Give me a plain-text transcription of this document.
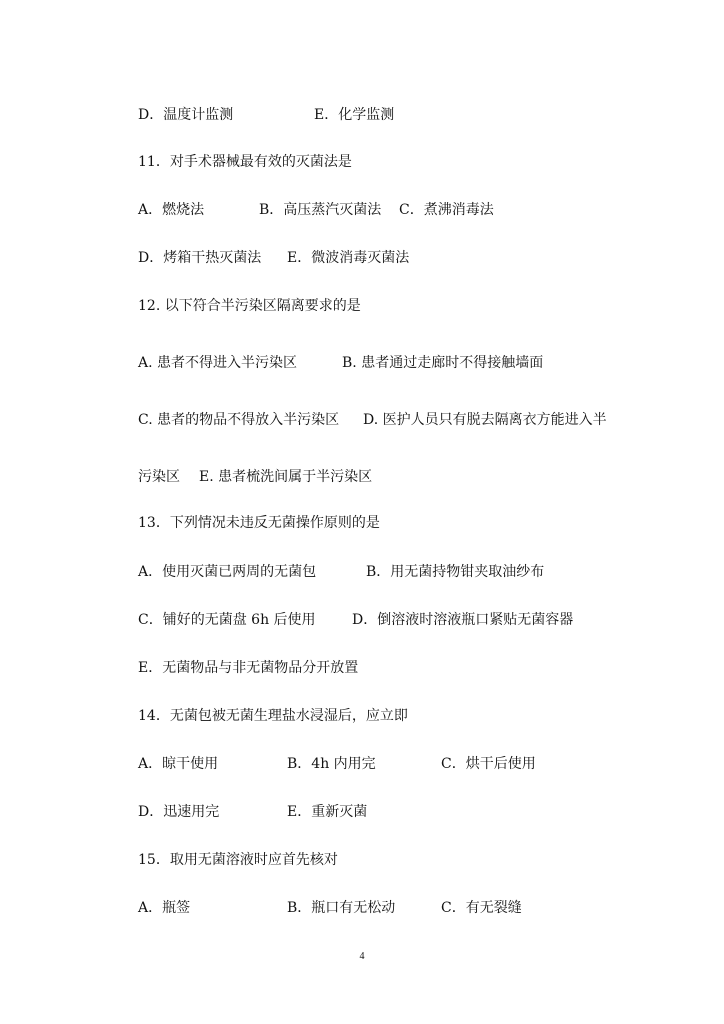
D．温度计监测	E．化学监测
11．对手术器械最有效的灭菌法是
A．燃烧法	B．高压蒸汽灭菌法 C．煮沸消毒法
D．烤箱干热灭菌法 E．微波消毒灭菌法
12. 以下符合半污染区隔离要求的是
A. 患者不得进入半污染区	B. 患者通过走廊时不得接触墙面
C. 患者的物品不得放入半污染区 D. 医护人员只有脱去隔离衣方能进入半
污染区 E. 患者梳洗间属于半污染区
13．下列情况未违反无菌操作原则的是
A．使用灭菌已两周的无菌包	B．用无菌持物钳夹取油纱布
C．铺好的无菌盘 6h 后使用	D．倒溶液时溶液瓶口紧贴无菌容器
E．无菌物品与非无菌物品分开放置
14．无菌包被无菌生理盐水浸湿后，应立即
A．晾干使用	B．4h 内用完	C．烘干后使用
D．迅速用完	E．重新灭菌
15．取用无菌溶液时应首先核对
A．瓶签	B．瓶口有无松动	C．有无裂缝
4
